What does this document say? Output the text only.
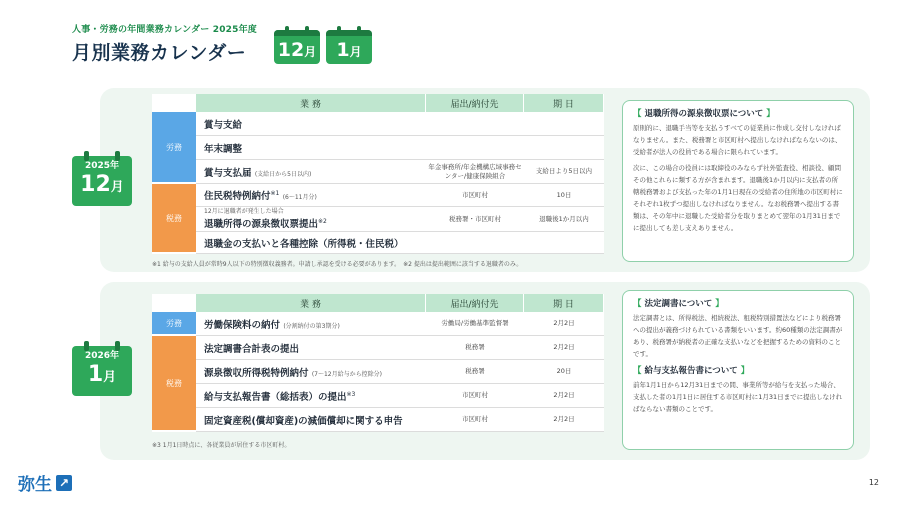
人事・労務の年間業務カレンダー 2025年度
月別業務カレンダー 12月	1月
2025年
12月
	業 務	届出/納付先	期 日
労務	賞与支給		
	年末調整		
	賞与支払届 (支給日から5日以内)	年金事務所/年金機構広域事務センター/健康保険組合	支給日より5日以内
税務	住民税特例納付$^{※1}$ (6〜11月分)	市区町村	10日

	12月に退職者が発生した場合
退職所得の源泉徴収票提出$^{※2}$	税務署・市区町村	退職後1か月以内
	退職金の支払いと各種控除（所得税・住民税）		
※1 給与の支給人員が常時9人以下の特別徴収義務者。申請し承認を受ける必要があります。　※2 提出は提出範囲に該当する退職者のみ。
【 退職所得の源泉徴収票について 】

原則的に、退職手当等を支払うすべての従業員に作成し交付しなければなりません。また、税務署と市区町村へ提出しなければならないのは、受給者が法人の役員である場合に限られています。

次に、この場合の役員には取締役のみならず社外監査役、相談役、顧問その他これらに類する方が含まれます。退職後1か月以内に支払者の所轄税務署および支払った年の1月1日現在の受給者の住所地の市区町村にそれぞれ1枚ずつ提出しなければなりません。なお税務署へ提出する書類は、その年中に退職した受給者分を取りまとめて翌年の1月31日までに提出しても差し支えありません。

2026年
1月
	業 務	届出/納付先	期 日
労務	労働保険料の納付 (分割納付の第3期分)	労働局/労働基準監督署	2月2日
税務	法定調書合計表の提出	税務署	2月2日
	源泉徴収所得税特例納付 (7〜12月給与から控除分)	税務署	20日
	給与支払報告書（総括表）の提出$^{※3}$	市区町村	2月2日
	固定資産税(償却資産)の減価償却に関する申告	市区町村	2月2日
※3 1月1日時点に、各従業員が居住する市区町村。
【 法定調書について 】

法定調書とは、所得税法、相続税法、租税特別措置法などにより税務署への提出が義務づけられている書類をいいます。約60種類の法定調書があり、税務署が納税者の正確な支払いなどを把握するための資料のことです。

【 給与支払報告書について 】

前年1月1日から12月31日までの間、事業所等が給与を支払った場合、支払した者の1月1日に居住する市区町村に1月31日までに提出しなければならない書類のことです。

弥生 ↗	12
